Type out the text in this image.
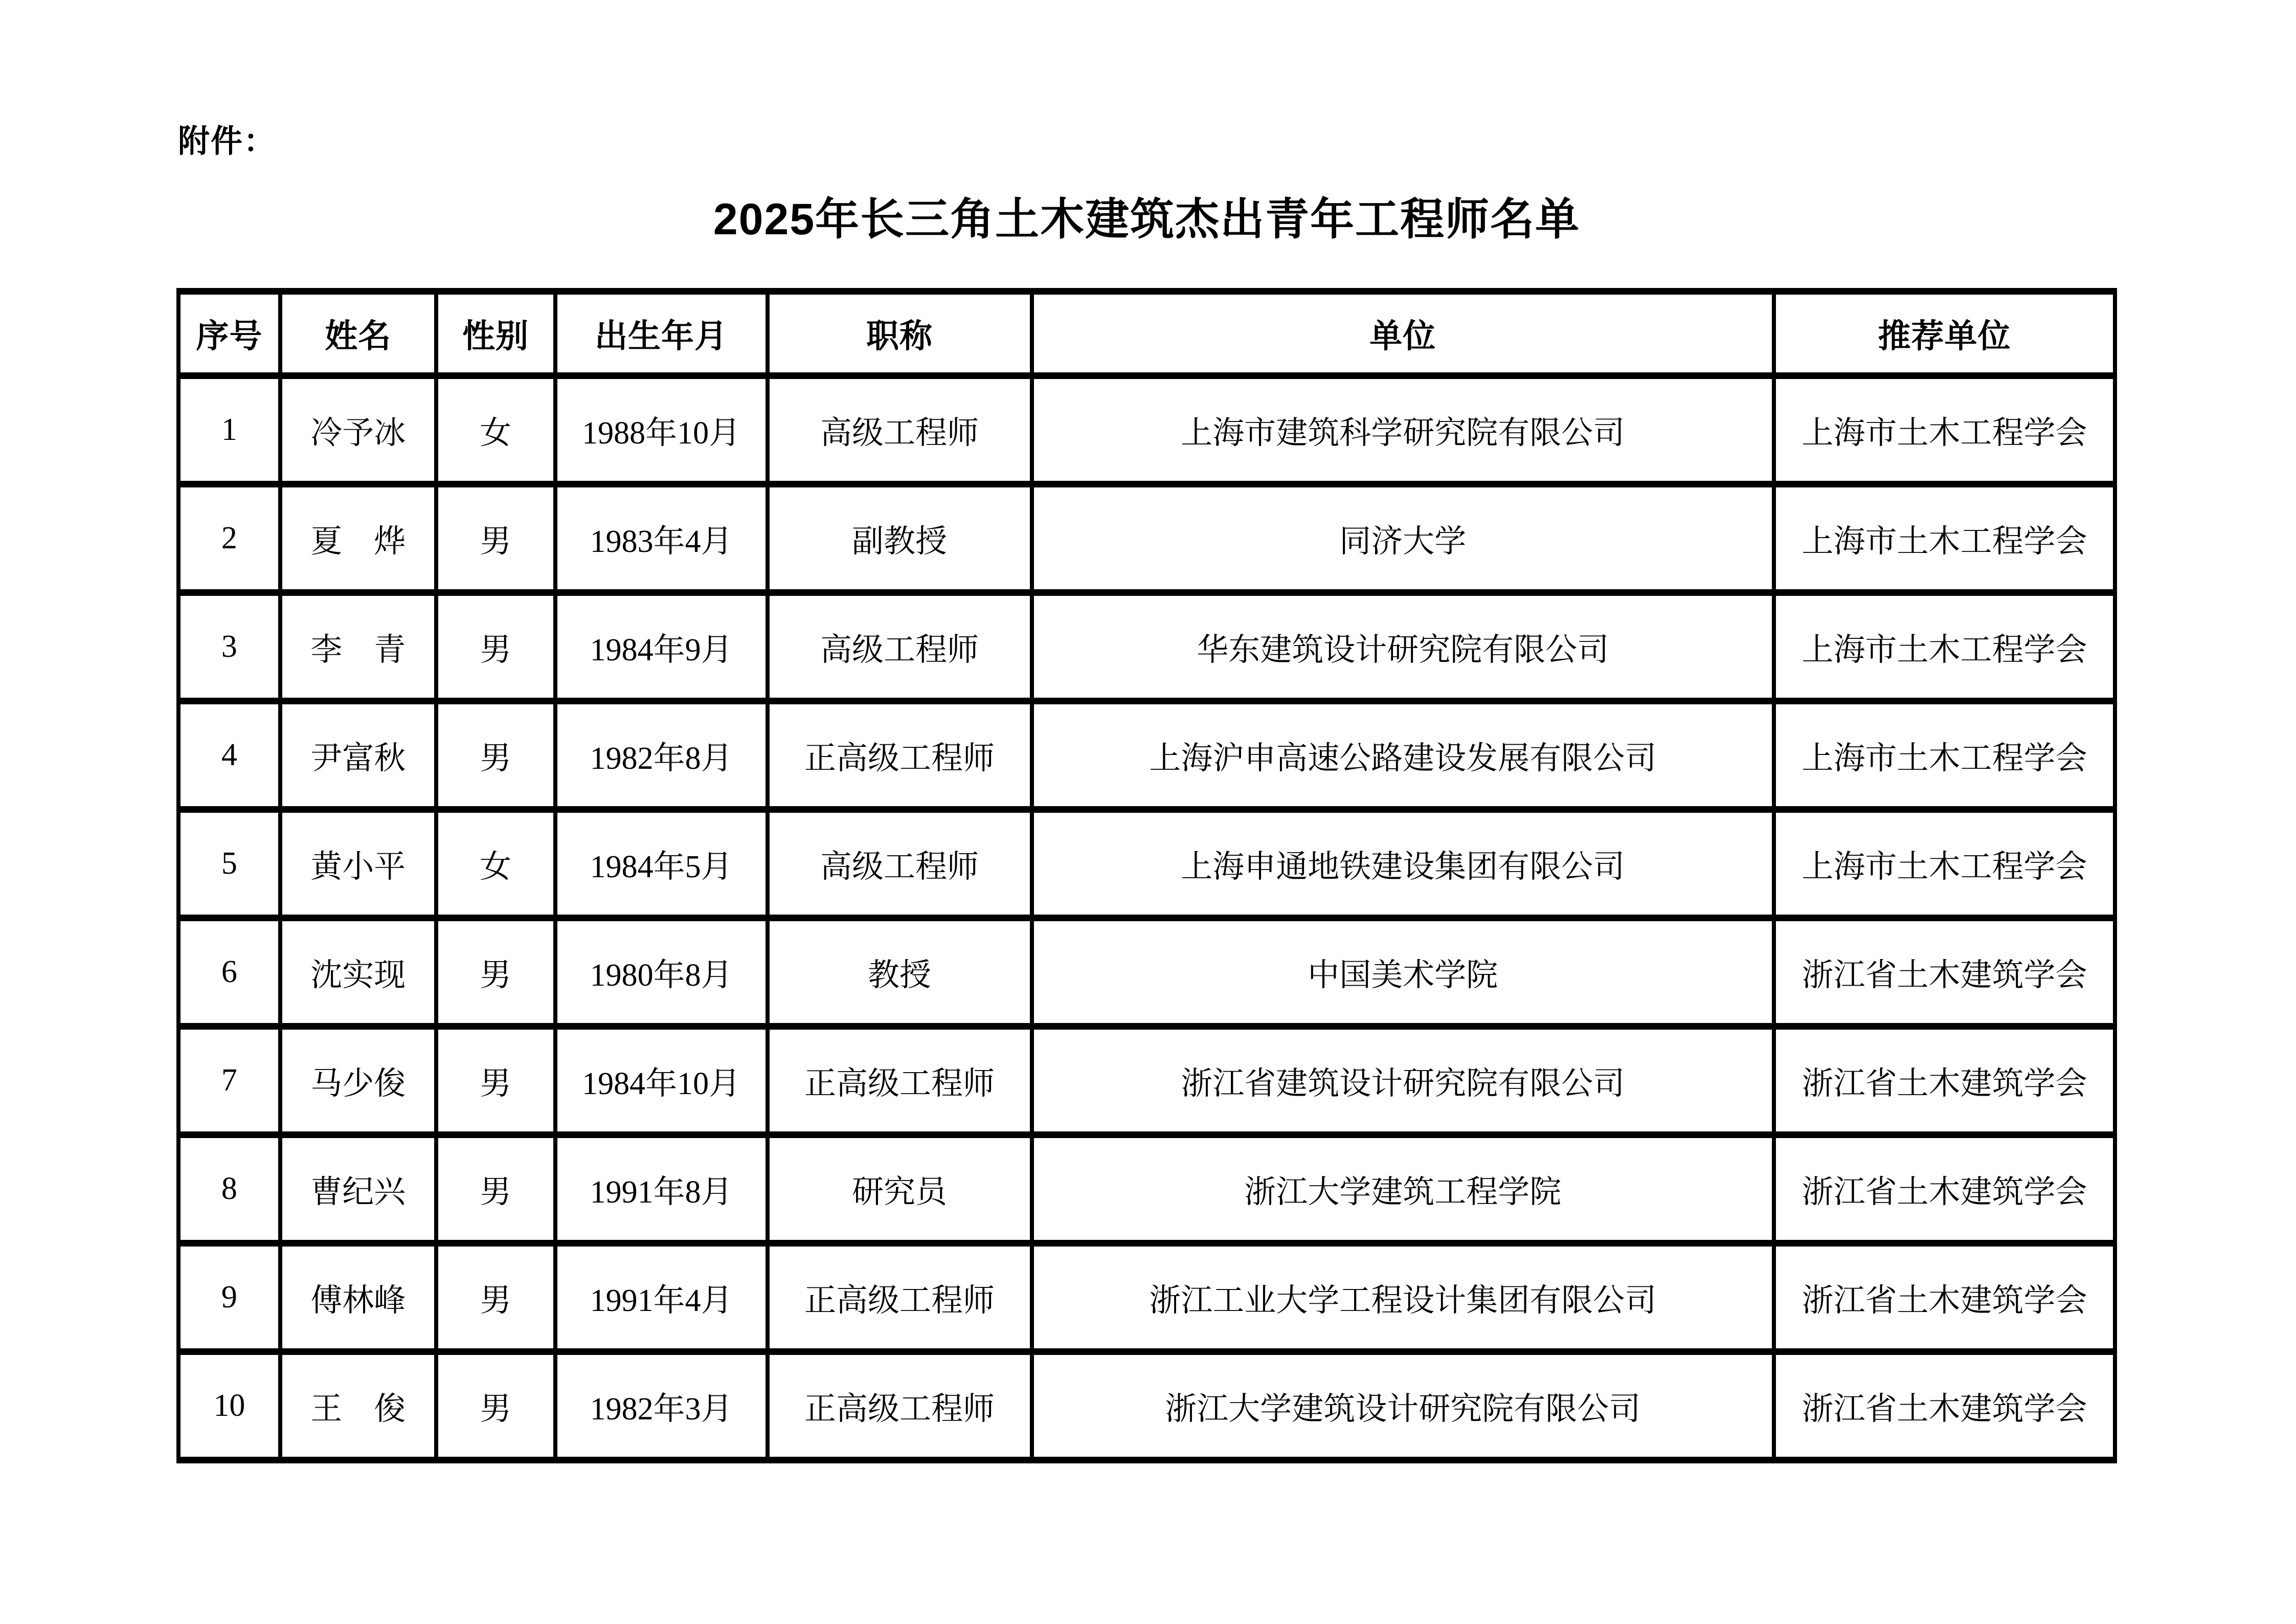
附件：
2025年长三角土木建筑杰出青年工程师名单
序号	姓名	性别	出生年月	职称	单位	推荐单位
1	冷予冰	女	1988年10月	高级工程师	上海市建筑科学研究院有限公司	上海市土木工程学会
2	夏　烨	男	1983年4月	副教授	同济大学	上海市土木工程学会
3	李　青	男	1984年9月	高级工程师	华东建筑设计研究院有限公司	上海市土木工程学会
4	尹富秋	男	1982年8月	正高级工程师	上海沪申高速公路建设发展有限公司	上海市土木工程学会
5	黄小平	女	1984年5月	高级工程师	上海申通地铁建设集团有限公司	上海市土木工程学会
6	沈实现	男	1980年8月	教授	中国美术学院	浙江省土木建筑学会
7	马少俊	男	1984年10月	正高级工程师	浙江省建筑设计研究院有限公司	浙江省土木建筑学会
8	曹纪兴	男	1991年8月	研究员	浙江大学建筑工程学院	浙江省土木建筑学会
9	傅林峰	男	1991年4月	正高级工程师	浙江工业大学工程设计集团有限公司	浙江省土木建筑学会
10	王　俊	男	1982年3月	正高级工程师	浙江大学建筑设计研究院有限公司	浙江省土木建筑学会
